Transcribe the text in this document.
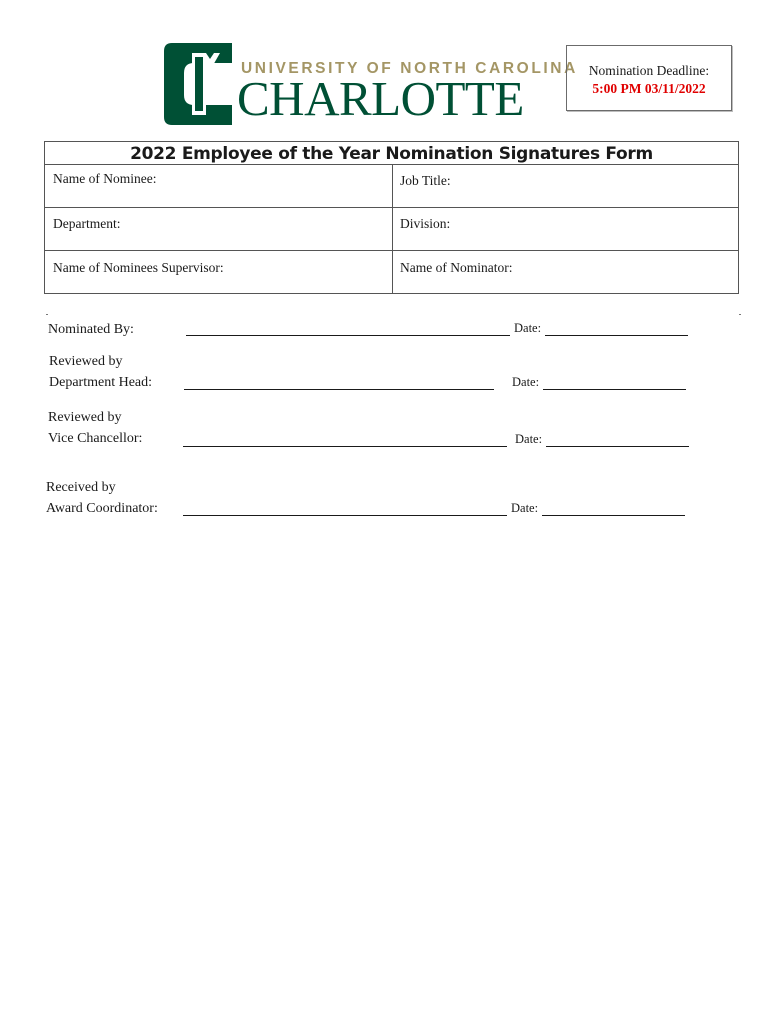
UNIVERSITY OF NORTH CAROLINA
CHARLOTTE
Nomination Deadline:
5:00 PM 03/11/2022
2022 Employee of the Year Nomination Signatures Form
Name of Nominee:	Job Title:
Department:	Division:
Name of Nominees Supervisor:	Name of Nominator:
Nominated By:	Date:
Reviewed by
Department Head:	Date:
Reviewed by
Vice Chancellor:	Date:
Received by
Award Coordinator:	Date:
